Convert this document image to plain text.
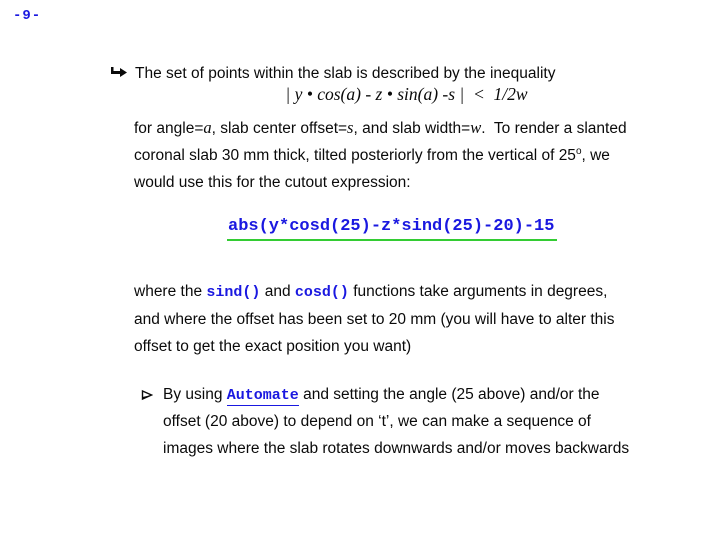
-9-
The set of points within the slab is described by the inequality
| y • cos(a) - z • sin(a) -s |  <  1/2w
for angle=a, slab center offset=s, and slab width=w.  To render a slanted
coronal slab 30 mm thick, tilted posteriorly from the vertical of 25$^o$, we
would use this for the cutout expression:
abs(y*cosd(25)-z*sind(25)-20)-15
where the sind() and cosd() functions take arguments in degrees,
and where the offset has been set to 20 mm (you will have to alter this
offset to get the exact position you want)
By using Automate and setting the angle (25 above) and/or the
offset (20 above) to depend on ‘t’, we can make a sequence of
images where the slab rotates downwards and/or moves backwards
